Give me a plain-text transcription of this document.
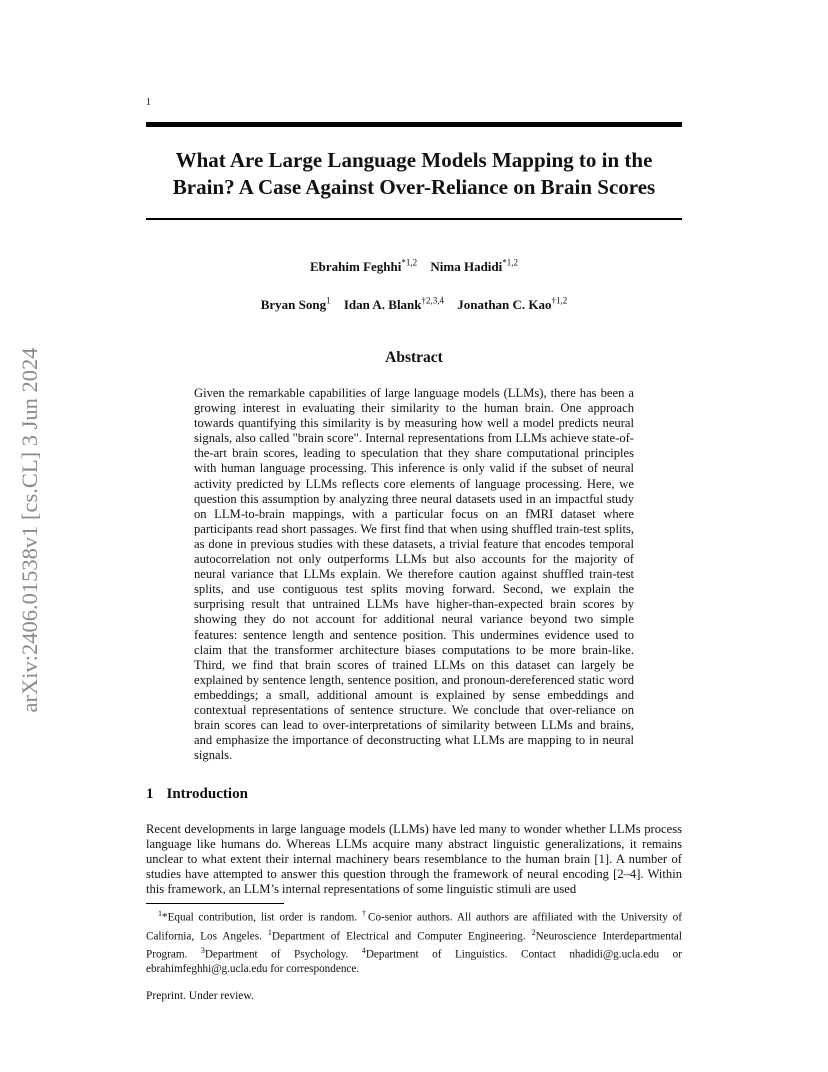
1
What Are Large Language Models Mapping to in the
Brain? A Case Against Over-Reliance on Brain Scores
Ebrahim Feghhi$^{*1,2}$ Nima Hadidi$^{*1,2}$
Bryan Song$^1$ Idan A. Blank$^{\dagger 2,3,4}$ Jonathan C. Kao$^{\dagger 1,2}$
Abstract

Given the remarkable capabilities of large language models (LLMs), there has been a growing interest in evaluating their similarity to the human brain. One approach towards quantifying this similarity is by measuring how well a model predicts neural signals, also called "brain score". Internal representations from LLMs achieve state-of-the-art brain scores, leading to speculation that they share computational principles with human language processing. This inference is only valid if the subset of neural activity predicted by LLMs reflects core elements of language processing. Here, we question this assumption by analyzing three neural datasets used in an impactful study on LLM-to-brain mappings, with a particular focus on an fMRI dataset where participants read short passages. We first find that when using shuffled train-test splits, as done in previous studies with these datasets, a trivial feature that encodes temporal autocorrelation not only outperforms LLMs but also accounts for the majority of neural variance that LLMs explain. We therefore caution against shuffled train-test splits, and use contiguous test splits moving forward. Second, we explain the surprising result that untrained LLMs have higher-than-expected brain scores by showing they do not account for additional neural variance beyond two simple features: sentence length and sentence position. This undermines evidence used to claim that the transformer architecture biases computations to be more brain-like. Third, we find that brain scores of trained LLMs on this dataset can largely be explained by sentence length, sentence position, and pronoun-dereferenced static word embeddings; a small, additional amount is explained by sense embeddings and contextual representations of sentence structure. We conclude that over-reliance on brain scores can lead to over-interpretations of similarity between LLMs and brains, and emphasize the importance of deconstructing what LLMs are mapping to in neural signals.

arXiv:2406.01538v1 [cs.CL] 3 Jun 2024
1 Introduction

Recent developments in large language models (LLMs) have led many to wonder whether LLMs process language like humans do. Whereas LLMs acquire many abstract linguistic generalizations, it remains unclear to what extent their internal machinery bears resemblance to the human brain [1]. A number of studies have attempted to answer this question through the framework of neural encoding [2–4]. Within this framework, an LLM’s internal representations of some linguistic stimuli are used

$^1$*Equal contribution, list order is random. †Co-senior authors. All authors are affiliated with the University of California, Los Angeles. $^1$Department of Electrical and Computer Engineering. $^2$Neuroscience Interdepartmental Program. $^3$Department of Psychology. $^4$Department of Linguistics. Contact nhadidi@g.ucla.edu or ebrahimfeghhi@g.ucla.edu for correspondence.

Preprint. Under review.
